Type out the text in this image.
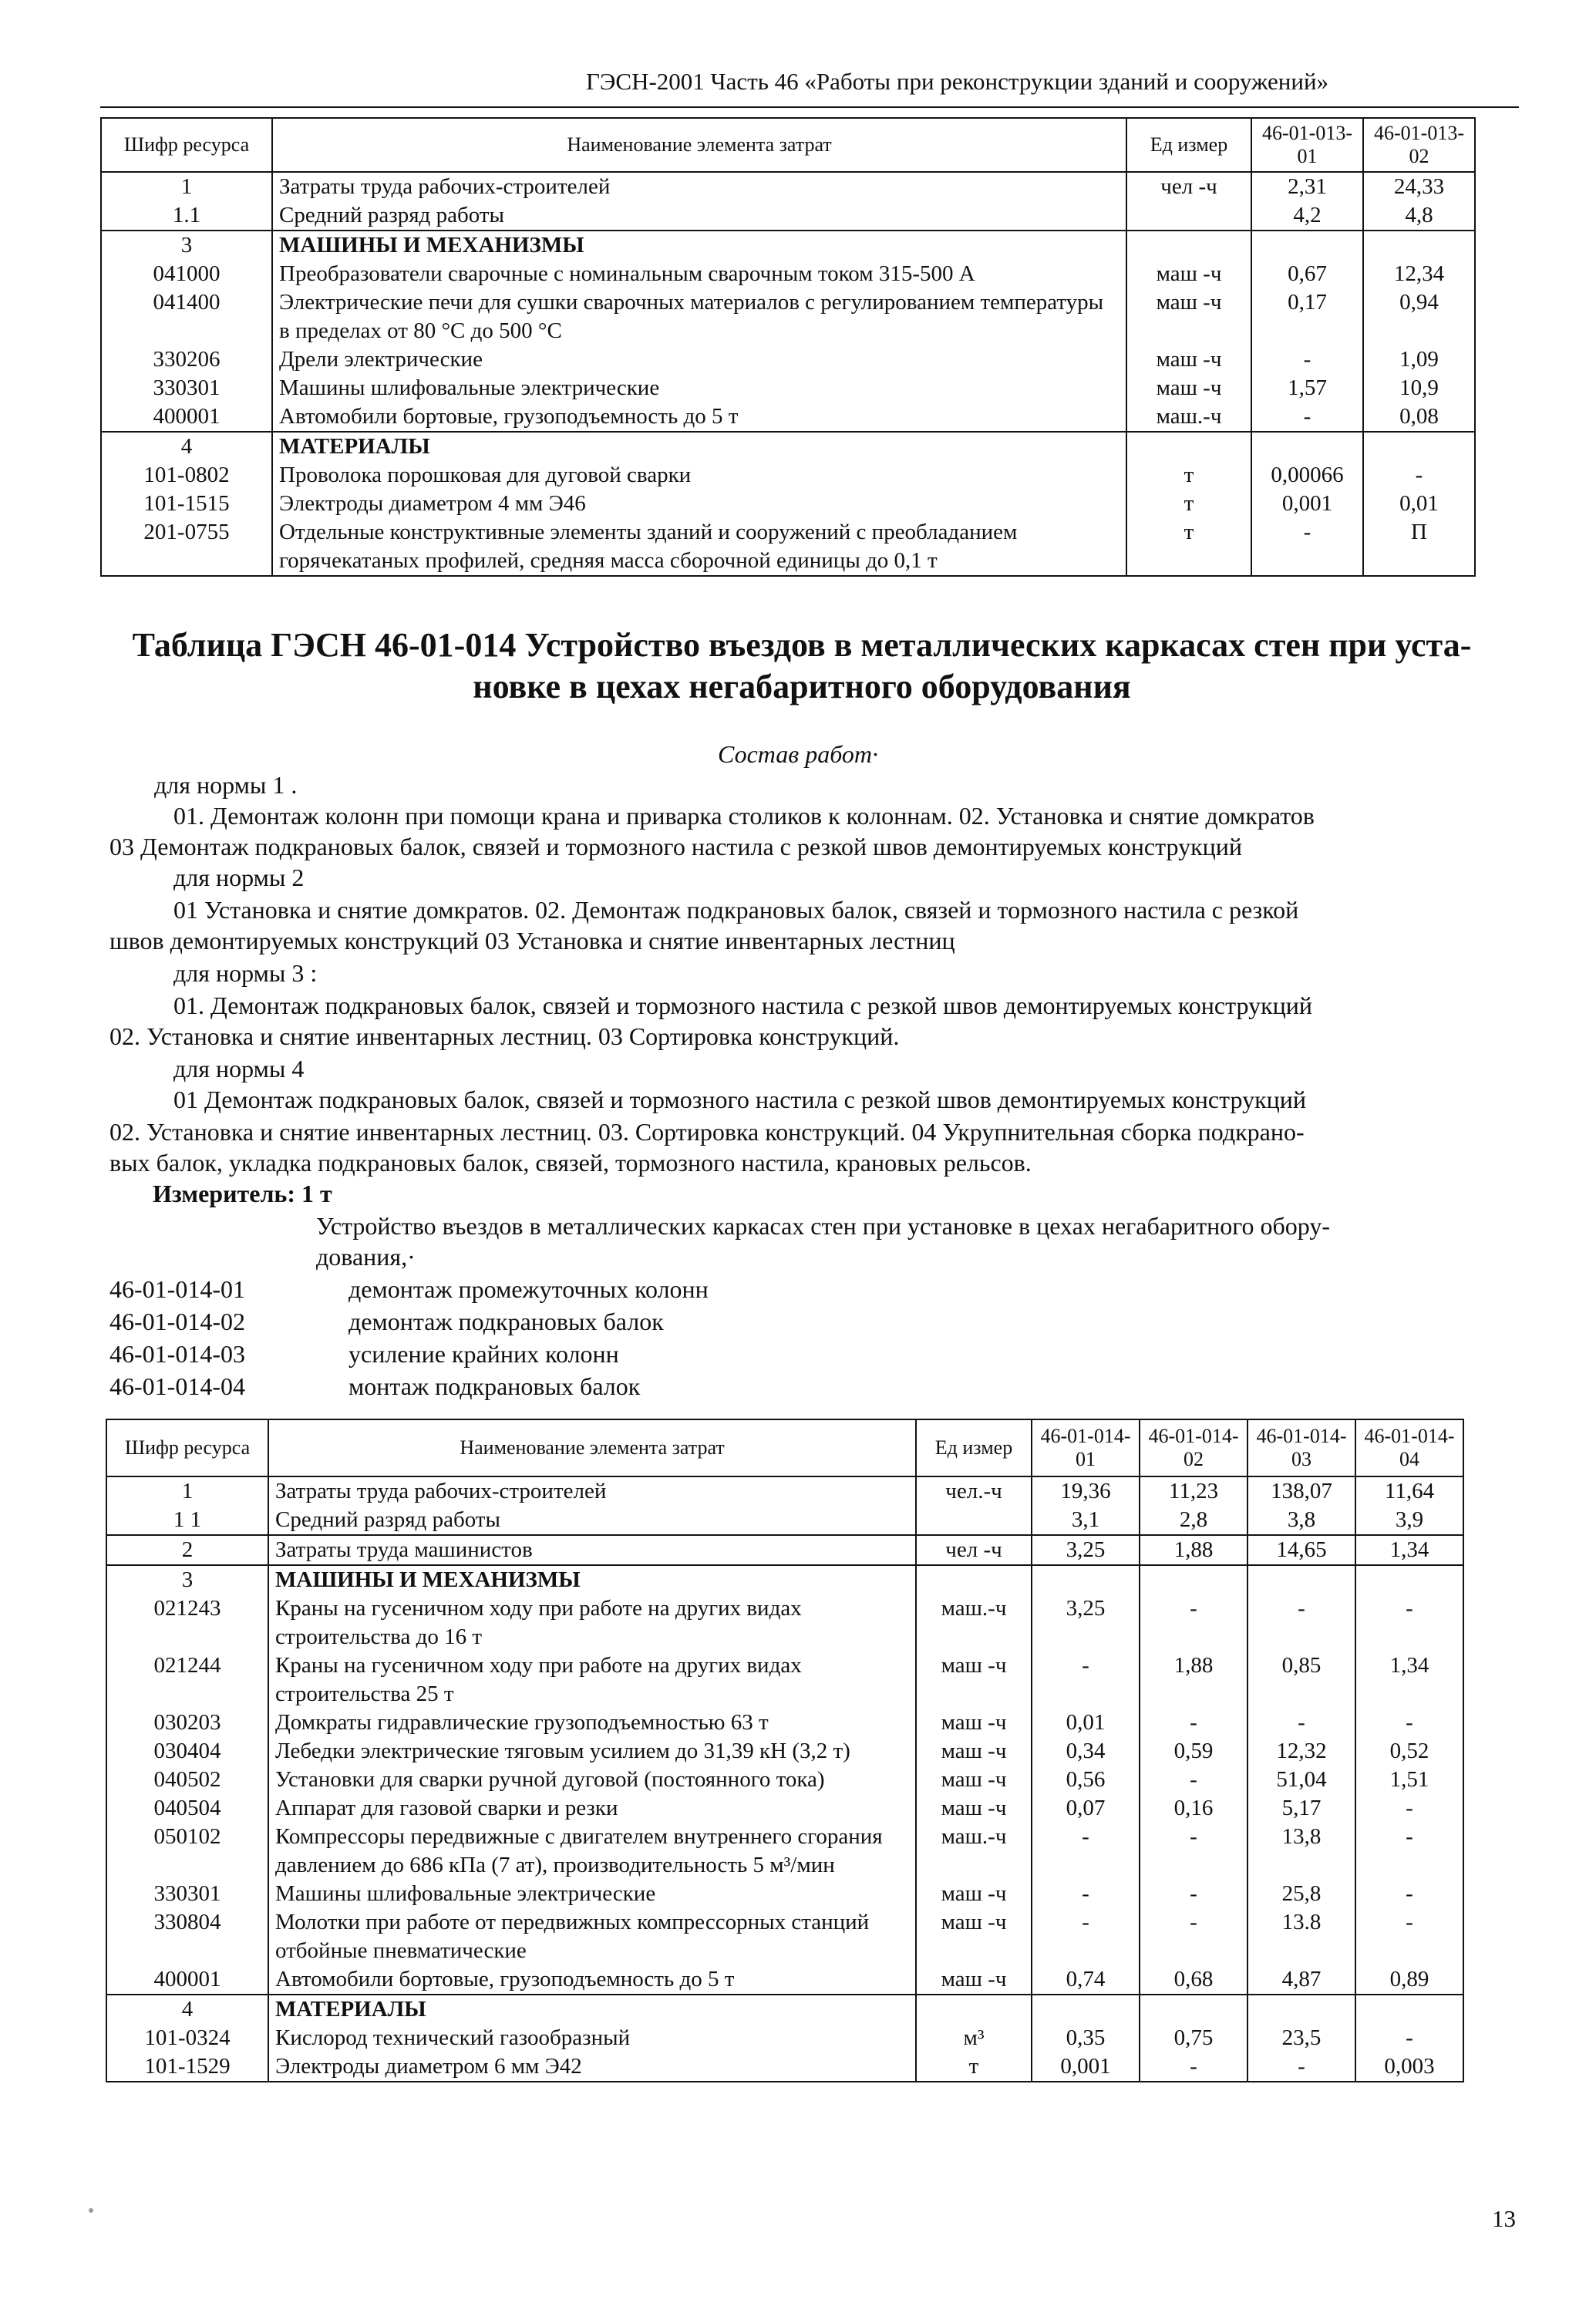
ГЭСН-2001 Часть 46 «Работы при реконструкции зданий и сооружений»
Шифр ресурса	Наименование элемента затрат	Ед измер	46-01-013-01	46-01-013-02
1	Затраты труда рабочих-строителей	чел -ч	2,31	24,33
1.1	Средний разряд работы		4,2	4,8
3	МАШИНЫ И МЕХАНИЗМЫ			
041000	Преобразователи сварочные с номинальным сварочным током 315-500 А	маш -ч	0,67	12,34
041400	Электрические печи для сушки сварочных материалов с регулированием температуры в пределах от 80 °С до 500 °С	маш -ч	0,17	0,94
330206	Дрели электрические	маш -ч	-	1,09
330301	Машины шлифовальные электрические	маш -ч	1,57	10,9
400001	Автомобили бортовые, грузоподъемность до 5 т	маш.-ч	-	0,08
4	МАТЕРИАЛЫ			
101-0802	Проволока порошковая для дуговой сварки	т	0,00066	-
101-1515	Электроды диаметром 4 мм Э46	т	0,001	0,01
201-0755	Отдельные конструктивные элементы зданий и сооружений с преобладанием горячекатаных профилей, средняя масса сборочной единицы до 0,1 т	т	-	П
Таблица ГЭСН 46-01-014 Устройство въездов в металлических каркасах стен при уста-
новке в цехах негабаритного оборудования
Состав работ·
для нормы 1 .
01. Демонтаж колонн при помощи крана и приварка столиков к колоннам. 02. Установка и снятие домкратов
03 Демонтаж подкрановых балок, связей и тормозного настила с резкой швов демонтируемых конструкций
для нормы 2
01 Установка и снятие домкратов. 02. Демонтаж подкрановых балок, связей и тормозного настила с резкой
швов демонтируемых конструкций 03 Установка и снятие инвентарных лестниц
для нормы 3 :
01. Демонтаж подкрановых балок, связей и тормозного настила с резкой швов демонтируемых конструкций
02. Установка и снятие инвентарных лестниц. 03 Сортировка конструкций.
для нормы 4
01 Демонтаж подкрановых балок, связей и тормозного настила с резкой швов демонтируемых конструкций
02. Установка и снятие инвентарных лестниц. 03. Сортировка конструкций. 04 Укрупнительная сборка подкрано-
вых балок, укладка подкрановых балок, связей, тормозного настила, крановых рельсов.
Измеритель: 1 т
Устройство въездов в металлических каркасах стен при установке в цехах негабаритного обору-
дования,·
46-01-014-01	демонтаж промежуточных колонн
46-01-014-02	демонтаж подкрановых балок
46-01-014-03	усиление крайних колонн
46-01-014-04	монтаж подкрановых балок
Шифр ресурса	Наименование элемента затрат	Ед измер	46-01-014-01	46-01-014-02	46-01-014-03	46-01-014-04
1	Затраты труда рабочих-строителей	чел.-ч	19,36	11,23	138,07	11,64
1 1	Средний разряд работы		3,1	2,8	3,8	3,9
2	Затраты труда машинистов	чел -ч	3,25	1,88	14,65	1,34
3	МАШИНЫ И МЕХАНИЗМЫ					
021243	Краны на гусеничном ходу при работе на других видах строительства до 16 т	маш.-ч	3,25	-	-	-
021244	Краны на гусеничном ходу при работе на других видах строительства 25 т	маш -ч	-	1,88	0,85	1,34
030203	Домкраты гидравлические грузоподъемностью 63 т	маш -ч	0,01	-	-	-
030404	Лебедки электрические тяговым усилием до 31,39 кН (3,2 т)	маш -ч	0,34	0,59	12,32	0,52
040502	Установки для сварки ручной дуговой (постоянного тока)	маш -ч	0,56	-	51,04	1,51
040504	Аппарат для газовой сварки и резки	маш -ч	0,07	0,16	5,17	-
050102	Компрессоры передвижные с двигателем внутреннего сгорания давлением до 686 кПа (7 ат), производительность 5 м³/мин	маш.-ч	-	-	13,8	-
330301	Машины шлифовальные электрические	маш -ч	-	-	25,8	-
330804	Молотки при работе от передвижных компрессорных станций отбойные пневматические	маш -ч	-	-	13.8	-
400001	Автомобили бортовые, грузоподъемность до 5 т	маш -ч	0,74	0,68	4,87	0,89
4	МАТЕРИАЛЫ					
101-0324	Кислород технический газообразный	м³	0,35	0,75	23,5	-
101-1529	Электроды диаметром 6 мм Э42	т	0,001	-	-	0,003
13
